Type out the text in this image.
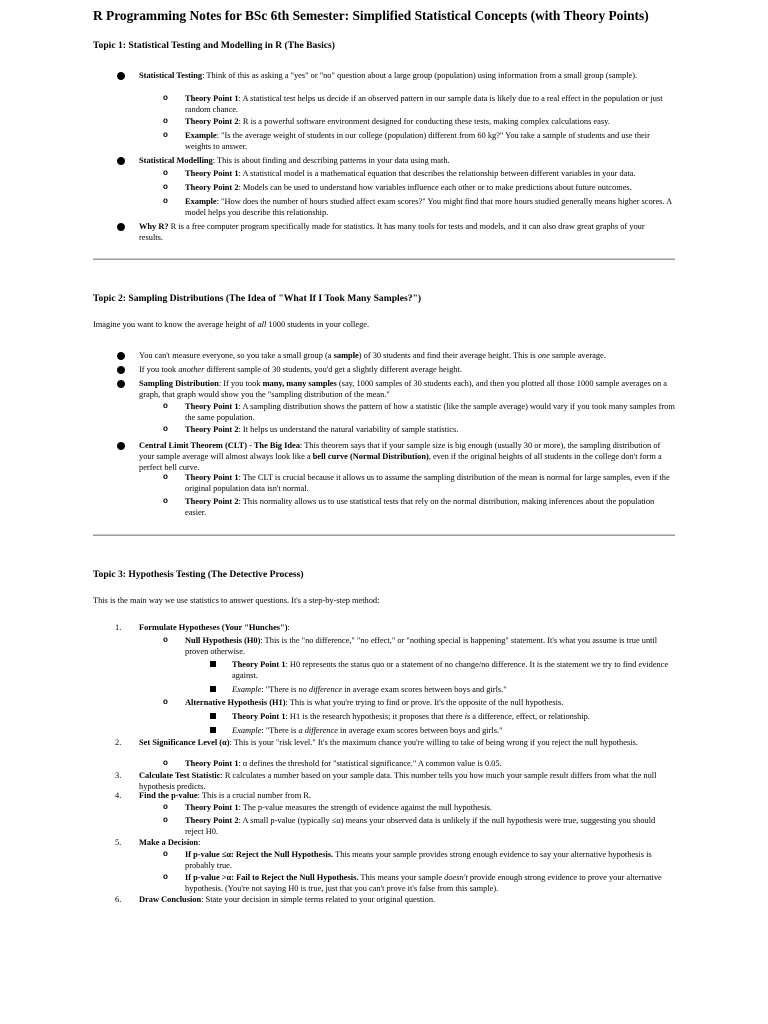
R Programming Notes for BSc 6th Semester: Simplified Statistical Concepts (with Theory Points)
Topic 1: Statistical Testing and Modelling in R (The Basics)
Statistical Testing: Think of this as asking a "yes" or "no" question about a large group (population) using information from a small group (sample).
o Theory Point 1: A statistical test helps us decide if an observed pattern in our sample data is likely due to a real effect in the population or just random chance.
o Theory Point 2: R is a powerful software environment designed for conducting these tests, making complex calculations easy.
o Example: "Is the average weight of students in our college (population) different from 60 kg?" You take a sample of students and use their weights to answer.
Statistical Modelling: This is about finding and describing patterns in your data using math.
o Theory Point 1: A statistical model is a mathematical equation that describes the relationship between different variables in your data.
o Theory Point 2: Models can be used to understand how variables influence each other or to make predictions about future outcomes.
o Example: "How does the number of hours studied affect exam scores?" You might find that more hours studied generally means higher scores. A model helps you describe this relationship.
Why R? R is a free computer program specifically made for statistics. It has many tools for tests and models, and it can also draw great graphs of your results.
Topic 2: Sampling Distributions (The Idea of "What If I Took Many Samples?")
Imagine you want to know the average height of all 1000 students in your college.
You can't measure everyone, so you take a small group (a sample) of 30 students and find their average height. This is one sample average.
If you took another different sample of 30 students, you'd get a slightly different average height.
Sampling Distribution: If you took many, many samples (say, 1000 samples of 30 students each), and then you plotted all those 1000 sample averages on a graph, that graph would show you the "sampling distribution of the mean."
o Theory Point 1: A sampling distribution shows the pattern of how a statistic (like the sample average) would vary if you took many samples from the same population.
o Theory Point 2: It helps us understand the natural variability of sample statistics.
Central Limit Theorem (CLT) - The Big Idea: This theorem says that if your sample size is big enough (usually 30 or more), the sampling distribution of your sample average will almost always look like a bell curve (Normal Distribution), even if the original heights of all students in the college don't form a perfect bell curve.
o Theory Point 1: The CLT is crucial because it allows us to assume the sampling distribution of the mean is normal for large samples, even if the original population data isn't normal.
o Theory Point 2: This normality allows us to use statistical tests that rely on the normal distribution, making inferences about the population easier.
Topic 3: Hypothesis Testing (The Detective Process)
This is the main way we use statistics to answer questions. It's a step-by-step method:
1. Formulate Hypotheses (Your "Hunches"):
o Null Hypothesis (H0): This is the "no difference," "no effect," or "nothing special is happening" statement. It's what you assume is true until proven otherwise.
Theory Point 1: H0 represents the status quo or a statement of no change/no difference. It is the statement we try to find evidence against.
Example: "There is no difference in average exam scores between boys and girls."
o Alternative Hypothesis (H1): This is what you're trying to find or prove. It's the opposite of the null hypothesis.
Theory Point 1: H1 is the research hypothesis; it proposes that there is a difference, effect, or relationship.
Example: "There is a difference in average exam scores between boys and girls."
2. Set Significance Level (α): This is your "risk level." It's the maximum chance you're willing to take of being wrong if you reject the null hypothesis.
o Theory Point 1: α defines the threshold for "statistical significance." A common value is 0.05.
3. Calculate Test Statistic: R calculates a number based on your sample data. This number tells you how much your sample result differs from what the null hypothesis predicts.
4. Find the p-value: This is a crucial number from R.
o Theory Point 1: The p-value measures the strength of evidence against the null hypothesis.
o Theory Point 2: A small p-value (typically ≤α) means your observed data is unlikely if the null hypothesis were true, suggesting you should reject H0.
5. Make a Decision:
o If p-value ≤α: Reject the Null Hypothesis. This means your sample provides strong enough evidence to say your alternative hypothesis is probably true.
o If p-value >α: Fail to Reject the Null Hypothesis. This means your sample doesn't provide enough strong evidence to prove your alternative hypothesis. (You're not saying H0 is true, just that you can't prove it's false from this sample).
6. Draw Conclusion: State your decision in simple terms related to your original question.
